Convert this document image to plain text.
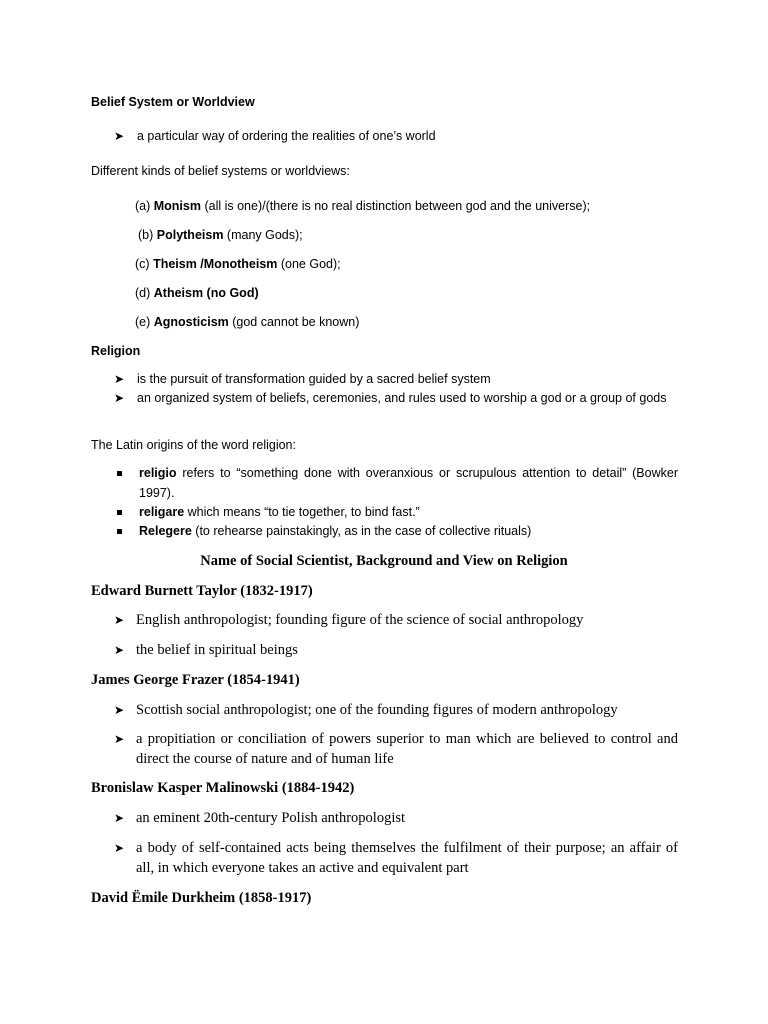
Belief System or Worldview
➤ a particular way of ordering the realities of one’s world
Different kinds of belief systems or worldviews:
(a) Monism (all is one)/(there is no real distinction between god and the universe);
(b) Polytheism (many Gods);
(c) Theism /Monotheism (one God);
(d) Atheism (no God)
(e) Agnosticism (god cannot be known)
Religion
➤ is the pursuit of transformation guided by a sacred belief system
➤ an organized system of beliefs, ceremonies, and rules used to worship a god or a group of gods
The Latin origins of the word religion:
religio refers to “something done with overanxious or scrupulous attention to detail” (Bowker 1997).
religare which means “to tie together, to bind fast.”
Relegere (to rehearse painstakingly, as in the case of collective rituals)
Name of Social Scientist, Background and View on Religion
Edward Burnett Taylor (1832-1917)
➤ English anthropologist; founding figure of the science of social anthropology
➤ the belief in spiritual beings
James George Frazer (1854-1941)
➤ Scottish social anthropologist; one of the founding figures of modern anthropology
➤ a propitiation or conciliation of powers superior to man which are believed to control and direct the course of nature and of human life
Bronislaw Kasper Malinowski (1884-1942)
➤ an eminent 20th-century Polish anthropologist
➤ a body of self-contained acts being themselves the fulfilment of their purpose; an affair of all, in which everyone takes an active and equivalent part
David Ëmile Durkheim (1858-1917)
